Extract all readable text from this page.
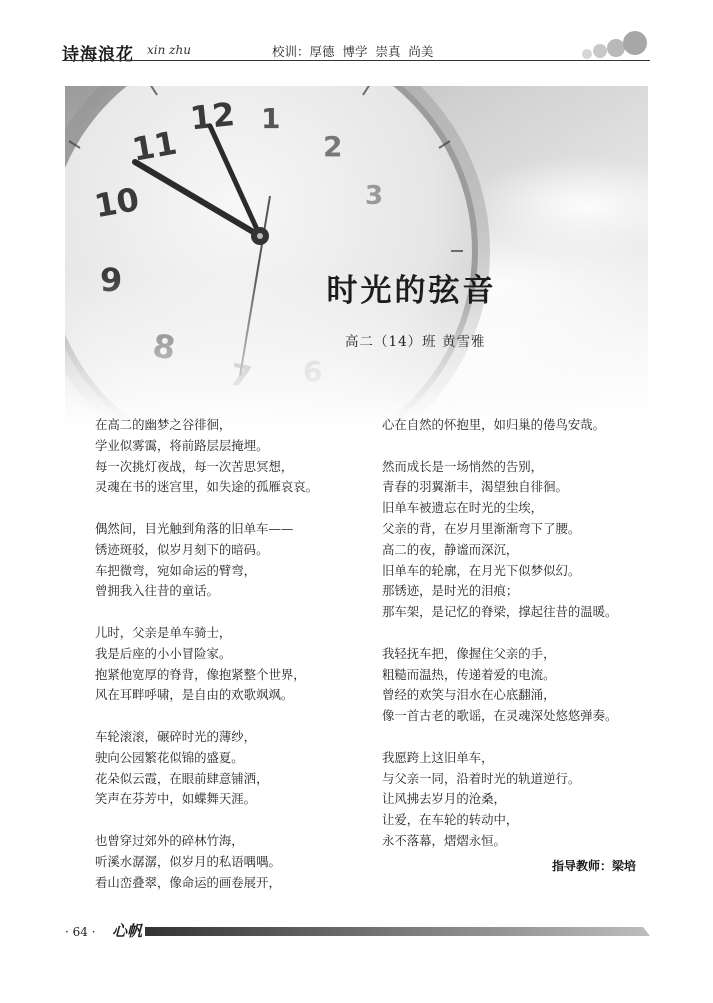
诗海浪花 xin zhu	校训：厚德 博学 崇真 尚美
时光的弦音
高二（14）班 黄雪雅
在高二的幽梦之谷徘徊，
学业似雾霭，将前路层层掩埋。
每一次挑灯夜战，每一次苦思冥想，
灵魂在书的迷宫里，如失途的孤雁哀哀。
偶然间，目光触到角落的旧单车——
锈迹斑驳，似岁月刻下的暗码。
车把微弯，宛如命运的臂弯，
曾拥我入往昔的童话。
儿时，父亲是单车骑士，
我是后座的小小冒险家。
抱紧他宽厚的脊背，像抱紧整个世界，
风在耳畔呼啸，是自由的欢歌飒飒。
车轮滚滚，碾碎时光的薄纱，
驶向公园繁花似锦的盛夏。
花朵似云霞，在眼前肆意铺洒，
笑声在芬芳中，如蝶舞天涯。
也曾穿过郊外的碎林竹海，
听溪水潺潺，似岁月的私语喁喁。
看山峦叠翠，像命运的画卷展开，
心在自然的怀抱里，如归巢的倦鸟安哉。
然而成长是一场悄然的告别，
青春的羽翼渐丰，渴望独自徘徊。
旧单车被遗忘在时光的尘埃，
父亲的背，在岁月里渐渐弯下了腰。
高二的夜，静谧而深沉，
旧单车的轮廓，在月光下似梦似幻。
那锈迹，是时光的泪痕；
那车架，是记忆的脊梁，撑起往昔的温暖。
我轻抚车把，像握住父亲的手，
粗糙而温热，传递着爱的电流。
曾经的欢笑与泪水在心底翻涌，
像一首古老的歌谣，在灵魂深处悠悠弹奏。
我愿跨上这旧单车，
与父亲一同，沿着时光的轨道逆行。
让风拂去岁月的沧桑，
让爱，在车轮的转动中，
永不落幕，熠熠永恒。
指导教师：梁培
· 64 · 心帆
